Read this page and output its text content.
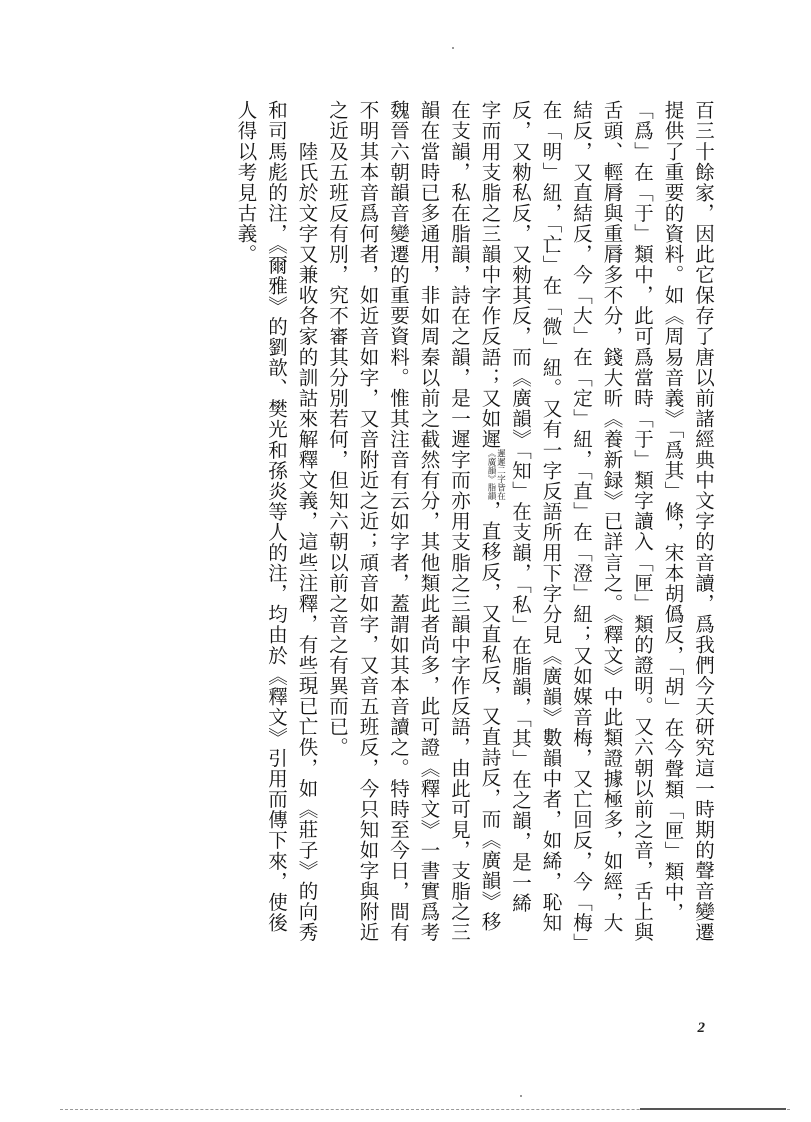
百三十餘家，因此它保存了唐以前諸經典中文字的音讀，爲我們今天研究這一時期的聲音變遷
提供了重要的資料。如《周易音義》「爲其」條，宋本胡僞反，「胡」在今聲類「匣」類中，
「爲」在「于」類中，此可爲當時「于」類字讀入「匣」類的證明。又六朝以前之音，舌上與
舌頭、輕脣與重脣多不分，錢大昕《養新録》已詳言之。《釋文》中此類證據極多，如經，大
結反，又直結反，今「大」在「定」紐，「直」在「澄」紐；又如媒音梅，又亡回反，今「梅」
在「明」紐，「亡」在「微」紐。又有一字反語所用下字分見《廣韻》數韻中者，如絺，恥知
反，又勑私反，又勑其反，而《廣韻》「知」在支韻，「私」在脂韻，「其」在之韻，是一絺
字而用支脂之三韻中字作反語；又如遲遲遲二字皆在
《廣韻》脂韻，直移反，又直私反，又直詩反，而《廣韻》移
在支韻，私在脂韻，詩在之韻，是一遲字而亦用支脂之三韻中字作反語，由此可見，支脂之三
韻在當時已多通用，非如周秦以前之截然有分，其他類此者尚多，此可證《釋文》一書實爲考
魏晉六朝韻音變遷的重要資料。惟其注音有云如字者，蓋謂如其本音讀之。特時至今日，間有
不明其本音爲何者，如近音如字，又音附近之近；頑音如字，又音五班反，今只知如字與附近
之近及五班反有別，究不審其分別若何，但知六朝以前之音之有異而已。
　　陸氏於文字又兼收各家的訓詁來解釋文義，這些注釋，有些現已亡佚，如《莊子》的向秀
和司馬彪的注，《爾雅》的劉歆、樊光和孫炎等人的注，均由於《釋文》引用而傳下來，使後
人得以考見古義。
2
